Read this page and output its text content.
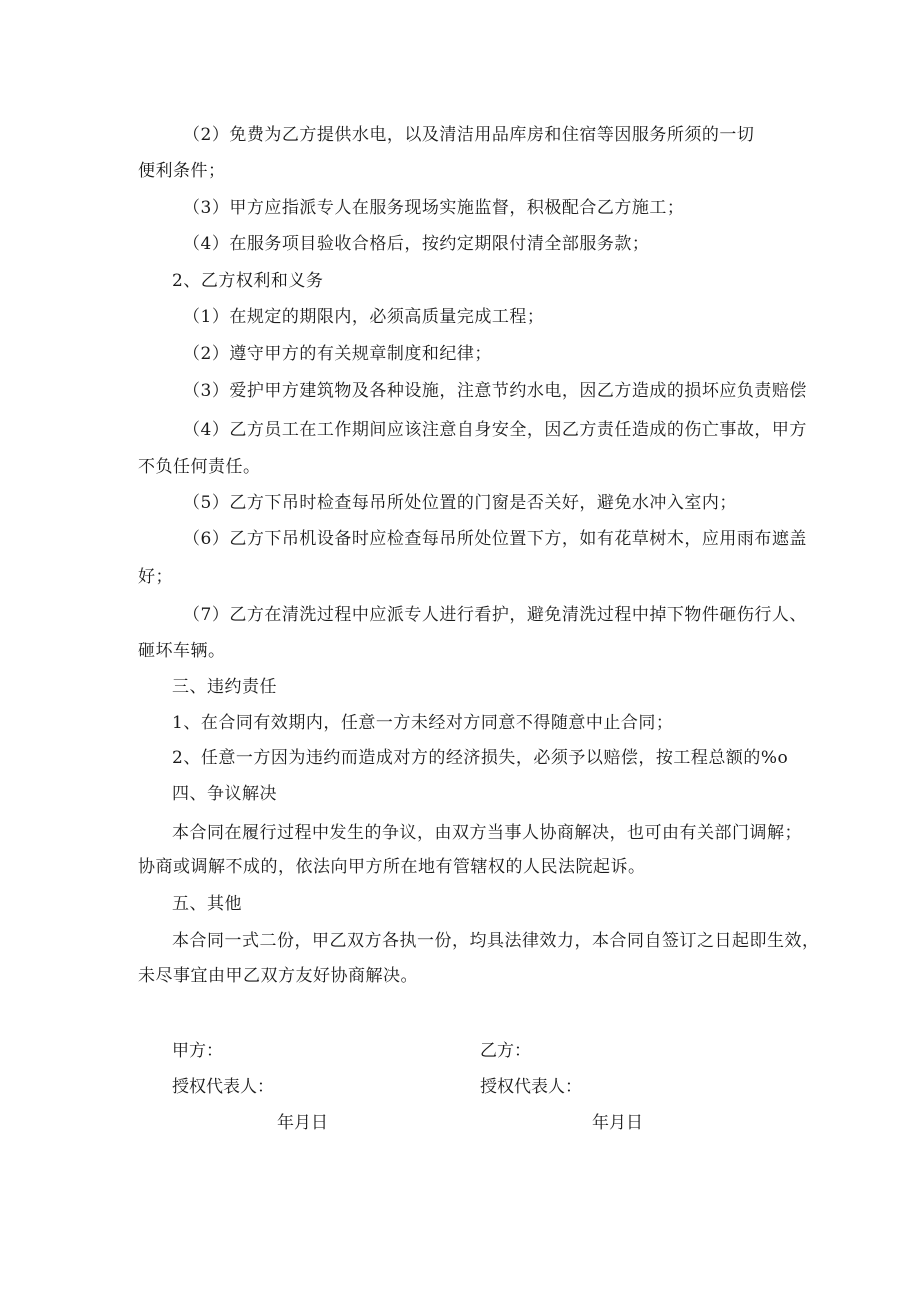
（2）免费为乙方提供水电，以及清洁用品库房和住宿等因服务所须的一切
便利条件；
（3）甲方应指派专人在服务现场实施监督，积极配合乙方施工；
（4）在服务项目验收合格后，按约定期限付清全部服务款；
2、乙方权利和义务
（1）在规定的期限内，必须高质量完成工程；
（2）遵守甲方的有关规章制度和纪律；
（3）爱护甲方建筑物及各种设施，注意节约水电，因乙方造成的损坏应负责赔偿
（4）乙方员工在工作期间应该注意自身安全，因乙方责任造成的伤亡事故，甲方
不负任何责任。
（5）乙方下吊时检查每吊所处位置的门窗是否关好，避免水冲入室内；
（6）乙方下吊机设备时应检查每吊所处位置下方，如有花草树木，应用雨布遮盖
好；
（7）乙方在清洗过程中应派专人进行看护，避免清洗过程中掉下物件砸伤行人、
砸坏车辆。
三、违约责任
1、在合同有效期内，任意一方未经对方同意不得随意中止合同；
2、任意一方因为违约而造成对方的经济损失，必须予以赔偿，按工程总额的%o
四、争议解决
本合同在履行过程中发生的争议，由双方当事人协商解决，也可由有关部门调解；
协商或调解不成的，依法向甲方所在地有管辖权的人民法院起诉。
五、其他
本合同一式二份，甲乙双方各执一份，均具法律效力，本合同自签订之日起即生效，
未尽事宜由甲乙双方友好协商解决。
甲方：	乙方：
授权代表人：	授权代表人：
年月日	年月日
